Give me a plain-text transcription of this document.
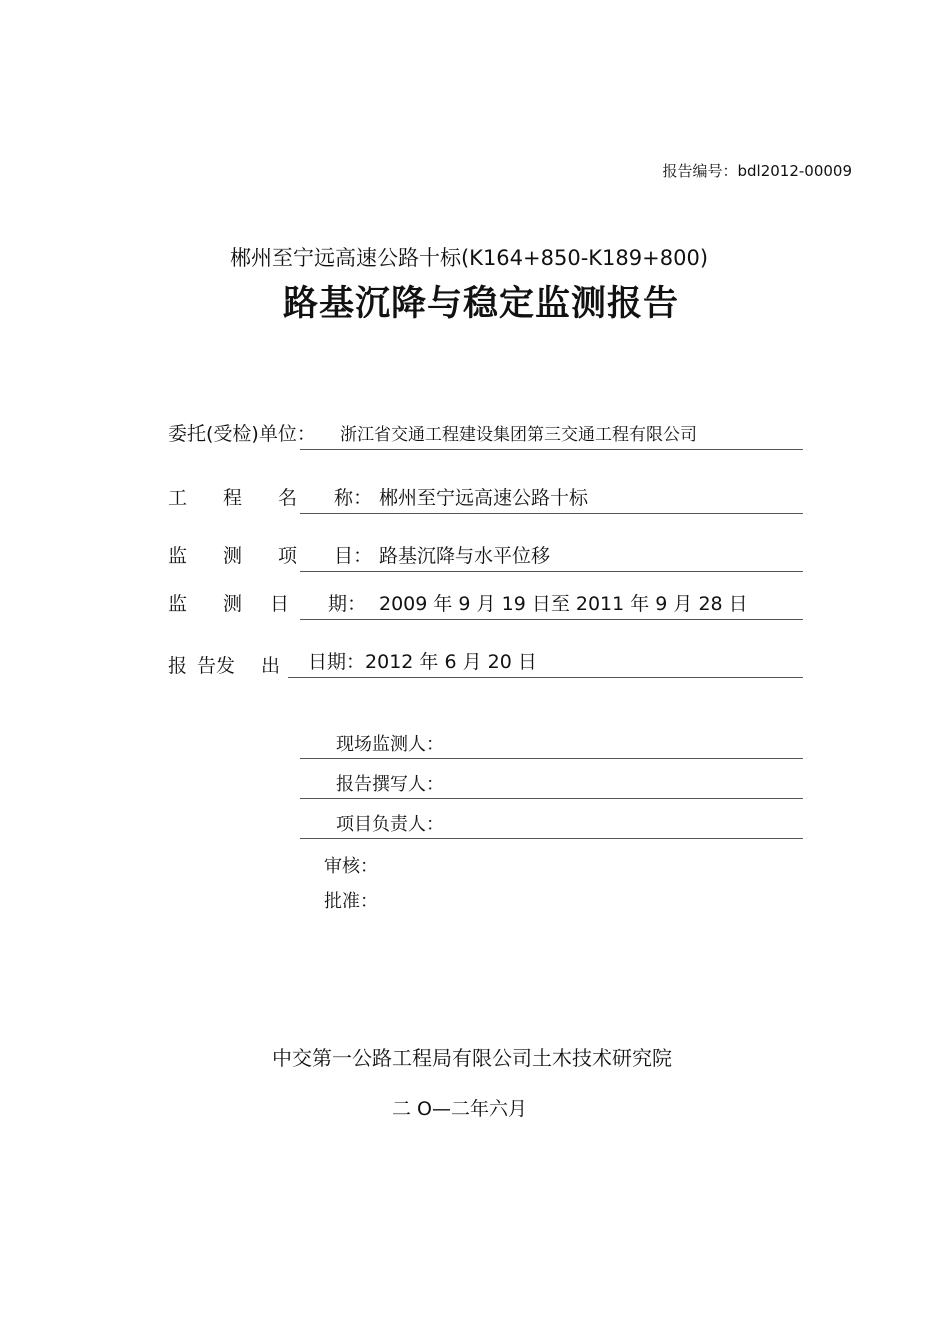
报告编号：bdl2012-00009
郴州至宁远高速公路十标(K164+850-K189+800)
路基沉降与稳定监测报告
委托(受检)单位： 浙江省交通工程建设集团第三交通工程有限公司
工 程 名 称： 郴州至宁远高速公路十标
监 测 项 目： 路基沉降与水平位移
监 测 日 期： 2009 年 9 月 19 日至 2011 年 9 月 28 日
报 告发 出 日期：2012 年 6 月 20 日
现场监测人：
报告撰写人：
项目负责人：
审核：
批准：
中交第一公路工程局有限公司土木技术研究院
二 O—二年六月
